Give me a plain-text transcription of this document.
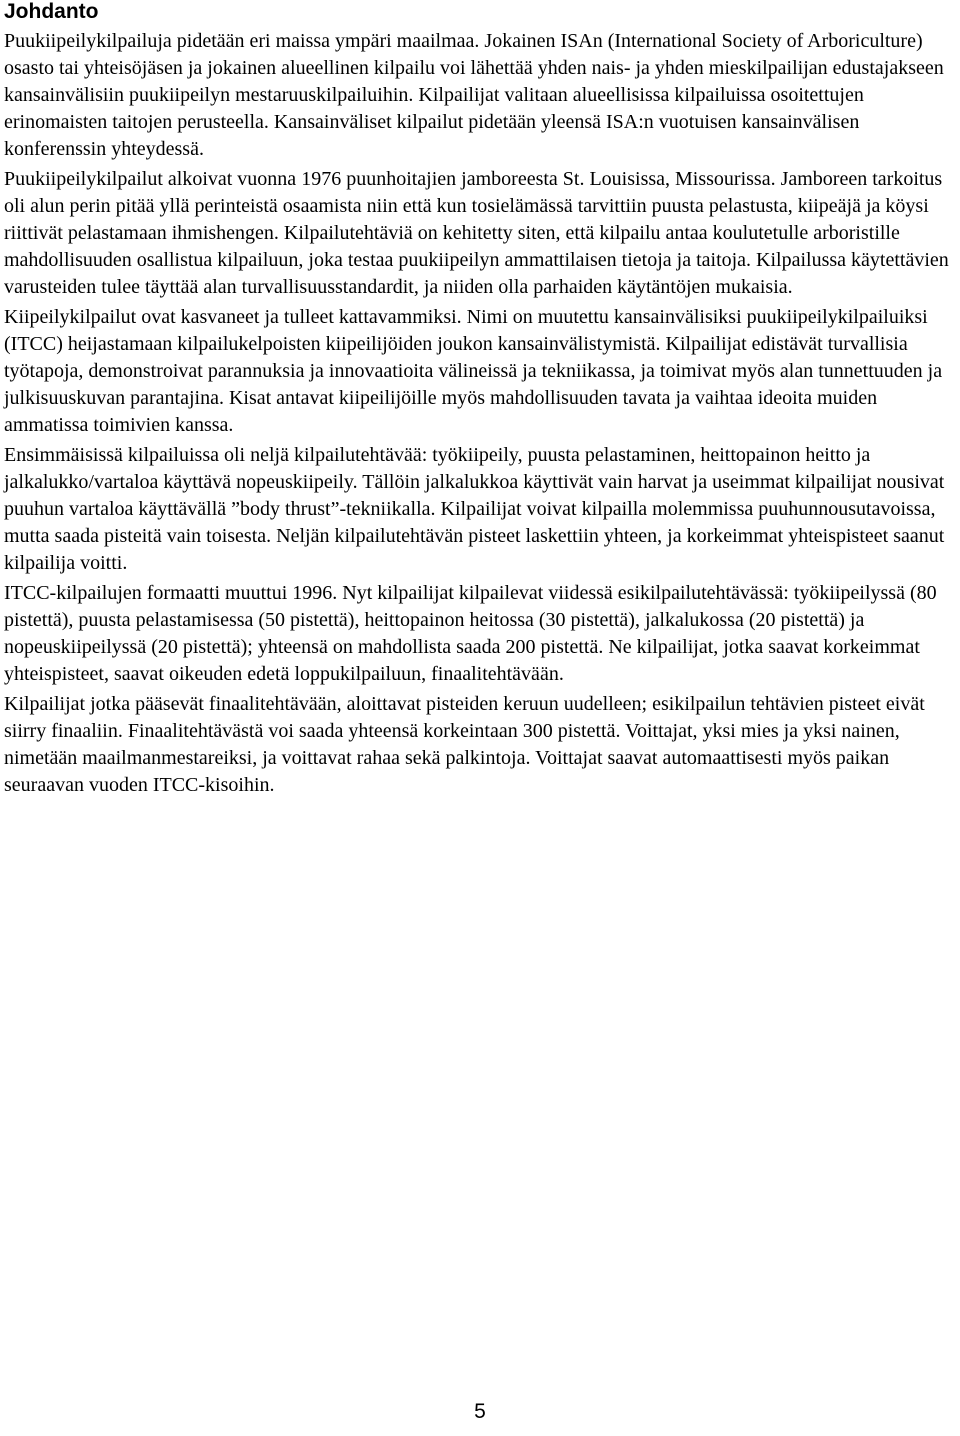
Johdanto

Puukiipeilykilpailuja pidetään eri maissa ympäri maailmaa. Jokainen ISAn (International Society of Arboriculture) osasto tai yhteisöjäsen ja jokainen alueellinen kilpailu voi lähettää yhden nais- ja yhden mieskilpailijan edustajakseen kansainvälisiin puukiipeilyn mestaruuskilpailuihin. Kilpailijat valitaan alueellisissa kilpailuissa osoitettujen erinomaisten taitojen perusteella. Kansainväliset kilpailut pidetään yleensä ISA:n vuotuisen kansainvälisen konferenssin yhteydessä.

Puukiipeilykilpailut alkoivat vuonna 1976 puunhoitajien jamboreesta St. Louisissa, Missourissa. Jamboreen tarkoitus oli alun perin pitää yllä perinteistä osaamista niin että kun tosielämässä tarvittiin puusta pelastusta, kiipeäjä ja köysi riittivät pelastamaan ihmishengen. Kilpailutehtäviä on kehitetty siten, että kilpailu antaa koulutetulle arboristille mahdollisuuden osallistua kilpailuun, joka testaa puukiipeilyn ammattilaisen tietoja ja taitoja. Kilpailussa käytettävien varusteiden tulee täyttää alan turvallisuusstandardit, ja niiden olla parhaiden käytäntöjen mukaisia.

Kiipeilykilpailut ovat kasvaneet ja tulleet kattavammiksi. Nimi on muutettu kansainvälisiksi puukiipeilykilpailuiksi (ITCC) heijastamaan kilpailukelpoisten kiipeilijöiden joukon kansainvälistymistä. Kilpailijat edistävät turvallisia työtapoja, demonstroivat parannuksia ja innovaatioita välineissä ja tekniikassa, ja toimivat myös alan tunnettuuden ja julkisuuskuvan parantajina. Kisat antavat kiipeilijöille myös mahdollisuuden tavata ja vaihtaa ideoita muiden ammatissa toimivien kanssa.

Ensimmäisissä kilpailuissa oli neljä kilpailutehtävää: työkiipeily, puusta pelastaminen, heittopainon heitto ja jalkalukko/vartaloa käyttävä nopeuskiipeily. Tällöin jalkalukkoa käyttivät vain harvat ja useimmat kilpailijat nousivat puuhun vartaloa käyttävällä ”body thrust”-tekniikalla. Kilpailijat voivat kilpailla molemmissa puuhunnousutavoissa, mutta saada pisteitä vain toisesta. Neljän kilpailutehtävän pisteet laskettiin yhteen, ja korkeimmat yhteispisteet saanut kilpailija voitti.

ITCC-kilpailujen formaatti muuttui 1996. Nyt kilpailijat kilpailevat viidessä esikilpailutehtävässä: työkiipeilyssä (80 pistettä), puusta pelastamisessa (50 pistettä), heittopainon heitossa (30 pistettä), jalkalukossa (20 pistettä) ja nopeuskiipeilyssä (20 pistettä); yhteensä on mahdollista saada 200 pistettä. Ne kilpailijat, jotka saavat korkeimmat yhteispisteet, saavat oikeuden edetä loppukilpailuun, finaalitehtävään.

Kilpailijat jotka pääsevät finaalitehtävään, aloittavat pisteiden keruun uudelleen; esikilpailun tehtävien pisteet eivät siirry finaaliin. Finaalitehtävästä voi saada yhteensä korkeintaan 300 pistettä. Voittajat, yksi mies ja yksi nainen, nimetään maailmanmestareiksi, ja voittavat rahaa sekä palkintoja. Voittajat saavat automaattisesti myös paikan seuraavan vuoden ITCC-kisoihin.

5
